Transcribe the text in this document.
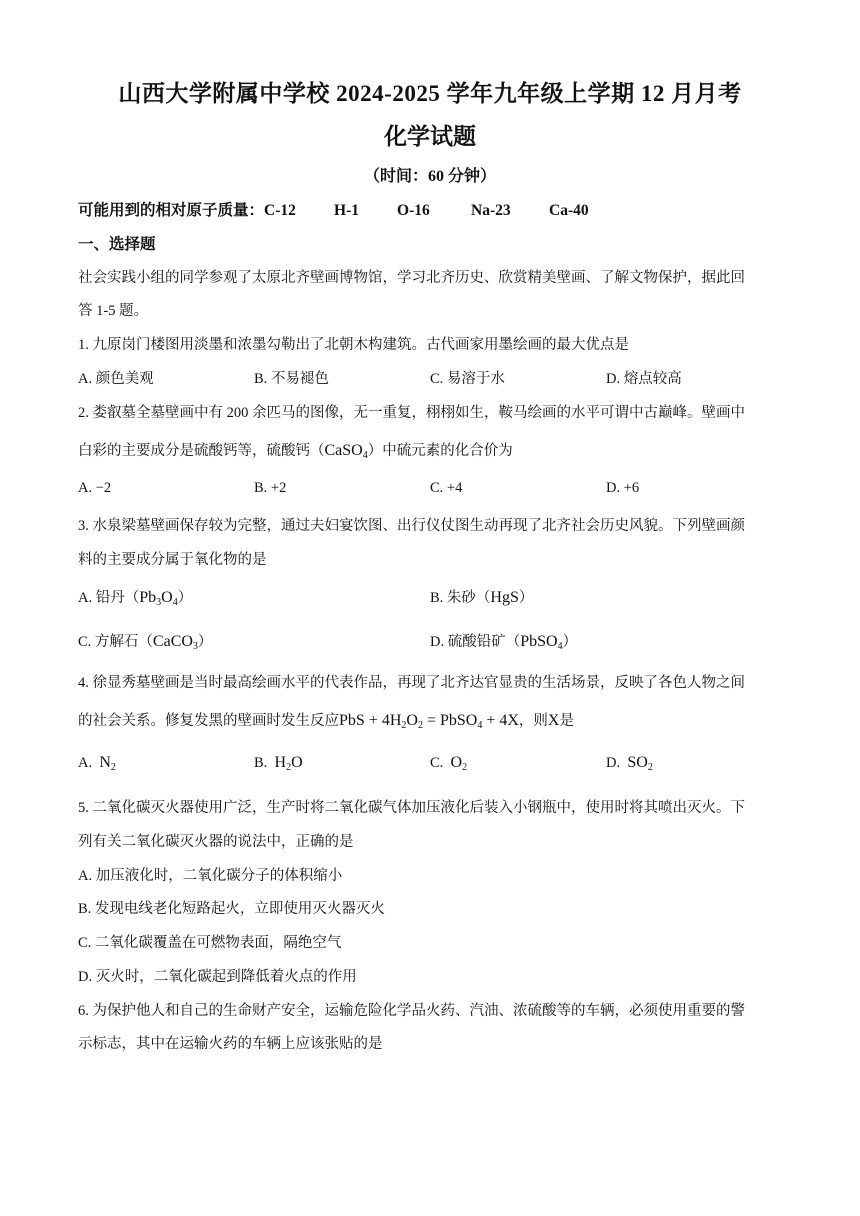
山西大学附属中学校 2024-2025 学年九年级上学期 12 月月考
化学试题
（时间：60 分钟）
可能用到的相对原子质量：C-12 H-1 O-16	Na-23 Ca-40
一、选择题
社会实践小组的同学参观了太原北齐壁画博物馆，学习北齐历史、欣赏精美壁画、了解文物保护，据此回
答 1-5 题。
1. 九原岗门楼图用淡墨和浓墨勾勒出了北朝木构建筑。古代画家用墨绘画的最大优点是
A. 颜色美观	B. 不易褪色	C. 易溶于水	D. 熔点较高
2. 娄叡墓全墓壁画中有 200 余匹马的图像，无一重复，栩栩如生，鞍马绘画的水平可谓中古巅峰。壁画中
白彩的主要成分是硫酸钙等，硫酸钙（CaSO$_4$）中硫元素的化合价为
A. −2	B. +2	C. +4	D. +6
3. 水泉梁墓壁画保存较为完整，通过夫妇宴饮图、出行仪仗图生动再现了北齐社会历史风貌。下列壁画颜
料的主要成分属于氧化物的是
A. 铅丹$(Pb_3O_4)$	B. 朱砂（HgS）
C. 方解石（CaCO$_3$）	D. 硫酸铅矿（PbSO$_4$）
4. 徐显秀墓壁画是当时最高绘画水平的代表作品，再现了北齐达官显贵的生活场景，反映了各色人物之间
的社会关系。修复发黑的壁画时发生反应PbS + $4H_2O_2$ = PbSO$_4$ + 4X，则X是
A. $N_2$	B. $H_2O$	C. $O_2$	D. $SO_2$
5. 二氧化碳灭火器使用广泛，生产时将二氧化碳气体加压液化后装入小钢瓶中，使用时将其喷出灭火。下
列有关二氧化碳灭火器的说法中，正确的是
A. 加压液化时，二氧化碳分子的体积缩小
B. 发现电线老化短路起火，立即使用灭火器灭火
C. 二氧化碳覆盖在可燃物表面，隔绝空气
D. 灭火时，二氧化碳起到降低着火点的作用
6. 为保护他人和自己的生命财产安全，运输危险化学品火药、汽油、浓硫酸等的车辆，必须使用重要的警
示标志，其中在运输火药的车辆上应该张贴的是
